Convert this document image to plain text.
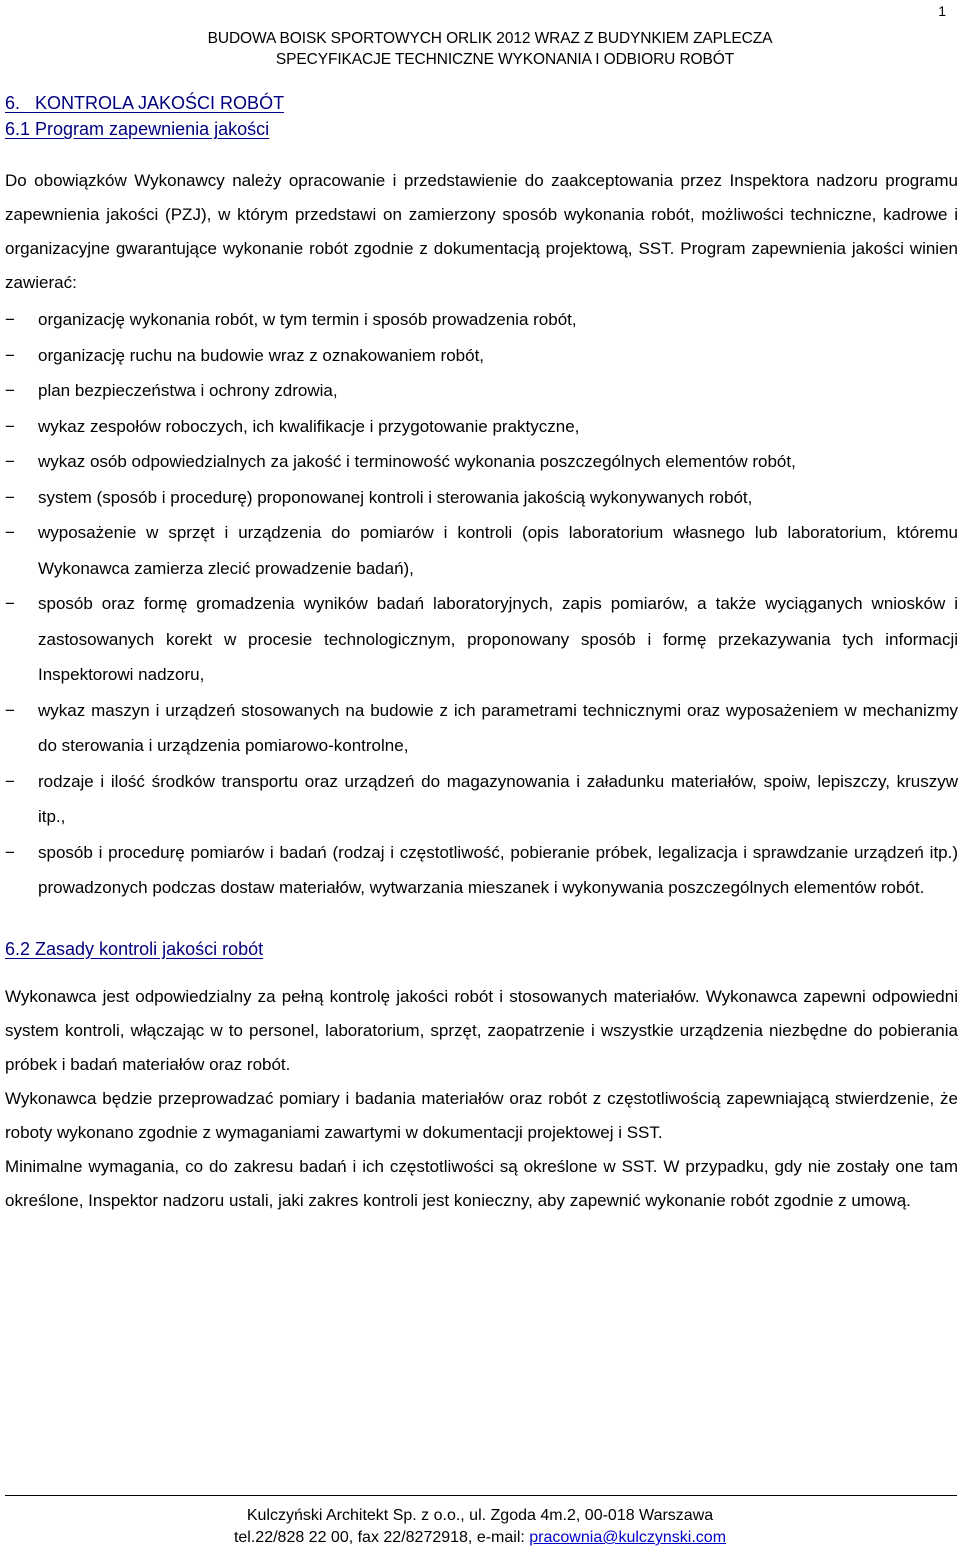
1
BUDOWA BOISK SPORTOWYCH ORLIK 2012 WRAZ Z BUDYNKIEM ZAPLECZA
SPECYFIKACJE TECHNICZNE WYKONANIA I ODBIORU ROBÓT
6.   KONTROLA JAKOŚCI ROBÓT
6.1 Program zapewnienia jakości

Do obowiązków Wykonawcy należy opracowanie i przedstawienie do zaakceptowania przez Inspektora nadzoru programu zapewnienia jakości (PZJ), w którym przedstawi on zamierzony sposób wykonania robót, możliwości techniczne, kadrowe i organizacyjne gwarantujące wykonanie robót zgodnie z dokumentacją projektową, SST. Program zapewnienia jakości winien zawierać:

−	organizację wykonania robót, w tym termin i sposób prowadzenia robót,
−	organizację ruchu na budowie wraz z oznakowaniem robót,
−	plan bezpieczeństwa i ochrony zdrowia,
−	wykaz zespołów roboczych, ich kwalifikacje i przygotowanie praktyczne,
−	wykaz osób odpowiedzialnych za jakość i terminowość wykonania poszczególnych elementów robót,
−	system (sposób i procedurę) proponowanej kontroli i sterowania jakością wykonywanych robót,
−	wyposażenie w sprzęt i urządzenia do pomiarów i kontroli (opis laboratorium własnego lub laboratorium, któremu Wykonawca zamierza zlecić prowadzenie badań),
−	sposób oraz formę gromadzenia wyników badań laboratoryjnych, zapis pomiarów, a także wyciąganych wniosków i zastosowanych korekt w procesie technologicznym, proponowany sposób i formę przekazywania tych informacji Inspektorowi nadzoru,
−	wykaz maszyn i urządzeń stosowanych na budowie z ich parametrami technicznymi oraz wyposażeniem w mechanizmy do sterowania i urządzenia pomiarowo-kontrolne,
−	rodzaje i ilość środków transportu oraz urządzeń do magazynowania i załadunku materiałów, spoiw, lepiszczy, kruszyw itp.,
−	sposób i procedurę pomiarów i badań (rodzaj i częstotliwość, pobieranie próbek, legalizacja i sprawdzanie urządzeń itp.) prowadzonych podczas dostaw materiałów, wytwarzania mieszanek i wykonywania poszczególnych elementów robót.
6.2 Zasady kontroli jakości robót

Wykonawca jest odpowiedzialny za pełną kontrolę jakości robót i stosowanych materiałów. Wykonawca zapewni odpowiedni system kontroli, włączając w to personel, laboratorium, sprzęt, zaopatrzenie i wszystkie urządzenia niezbędne do pobierania próbek i badań materiałów oraz robót.

Wykonawca będzie przeprowadzać pomiary i badania materiałów oraz robót z częstotliwością zapewniającą stwierdzenie, że roboty wykonano zgodnie z wymaganiami zawartymi w dokumentacji projektowej i SST.

Minimalne wymagania, co do zakresu badań i ich częstotliwości są określone w SST. W przypadku, gdy nie zostały one tam określone, Inspektor nadzoru ustali, jaki zakres kontroli jest konieczny, aby zapewnić wykonanie robót zgodnie z umową.

Kulczyński Architekt Sp. z o.o., ul. Zgoda 4m.2, 00-018 Warszawa
tel.22/828 22 00, fax 22/8272918, e-mail: pracownia@kulczynski.com
